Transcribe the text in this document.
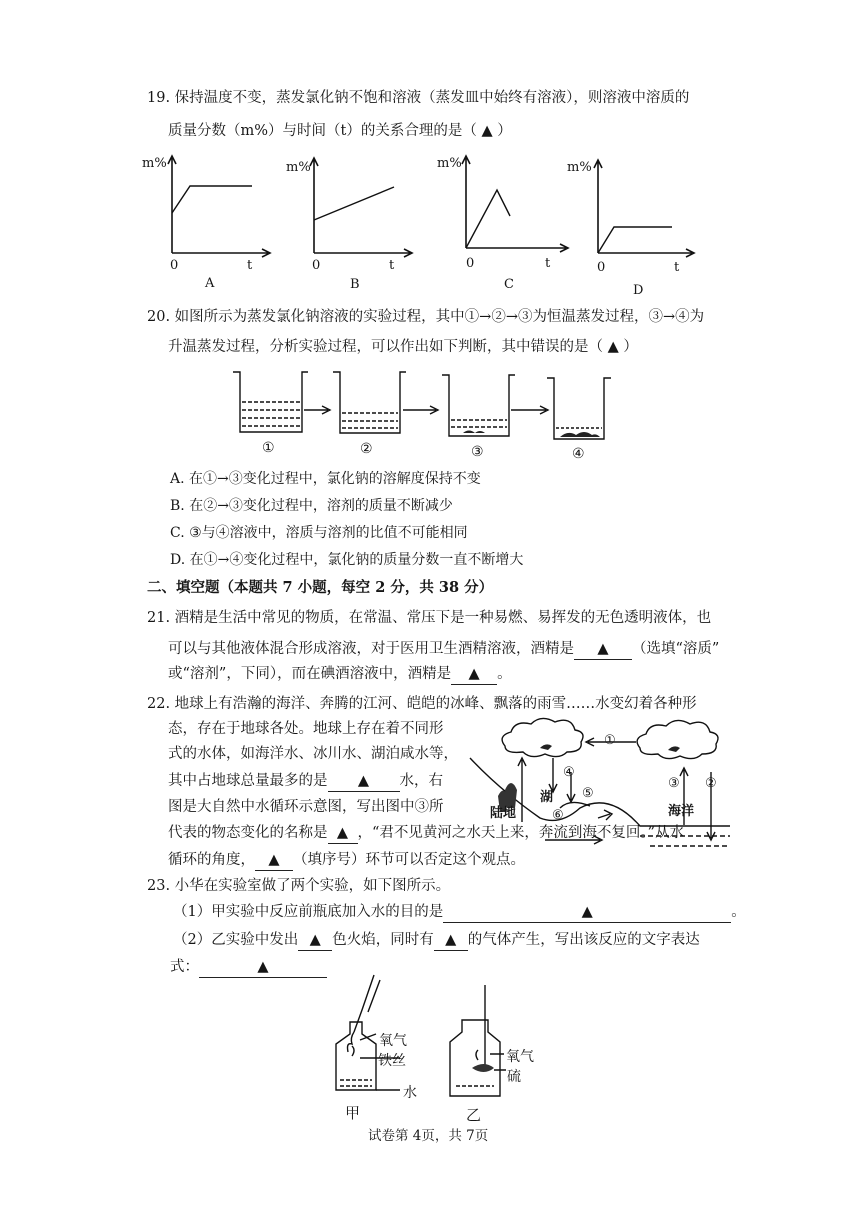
19. 保持温度不变，蒸发氯化钠不饱和溶液（蒸发皿中始终有溶液），则溶液中溶质的
质量分数（m%）与时间（t）的关系合理的是（ ▲ ）
m%
0	t
A
m%
0	t
B
m%
0	t
C
m%
0	t
D
20. 如图所示为蒸发氯化钠溶液的实验过程，其中①→②→③为恒温蒸发过程，③→④为
升温蒸发过程，分析实验过程，可以作出如下判断，其中错误的是（ ▲ ）
①	②	③	④
A. 在①→③变化过程中，氯化钠的溶解度保持不变
B. 在②→③变化过程中，溶剂的质量不断减少
C. ③与④溶液中，溶质与溶剂的比值不可能相同
D. 在①→④变化过程中，氯化钠的质量分数一直不断增大
二、填空题（本题共 7 小题，每空 2 分，共 38 分）
21. 酒精是生活中常见的物质，在常温、常压下是一种易燃、易挥发的无色透明液体，也
可以与其他液体混合形成溶液，对于医用卫生酒精溶液，酒精是 ▲ （选填“溶质”
或“溶剂”，下同），而在碘酒溶液中，酒精是 ▲ 。
22. 地球上有浩瀚的海洋、奔腾的江河、皑皑的冰峰、飘落的雨雪……水变幻着各种形
态，存在于地球各处。地球上存在着不同形
式的水体，如海洋水、冰川水、湖泊咸水等，
其中占地球总量最多的是 ▲ 水，右
图是大自然中水循环示意图，写出图中③所
代表的物态变化的名称是 ▲ ，“君不见黄河之水天上来，奔流到海不复回。”从水
循环的角度， ▲ （填序号）环节可以否定这个观点。
①
②
③
④
⑤
⑥
陆地
湖
海洋
23. 小华在实验室做了两个实验，如下图所示。
（1）甲实验中反应前瓶底加入水的目的是	▲	。
（2）乙实验中发出 ▲ 色火焰，同时有 ▲ 的气体产生，写出该反应的文字表达
式：	▲
氧气
铁丝
水
甲
氧气
硫
乙
试卷第 4页，共 7页
